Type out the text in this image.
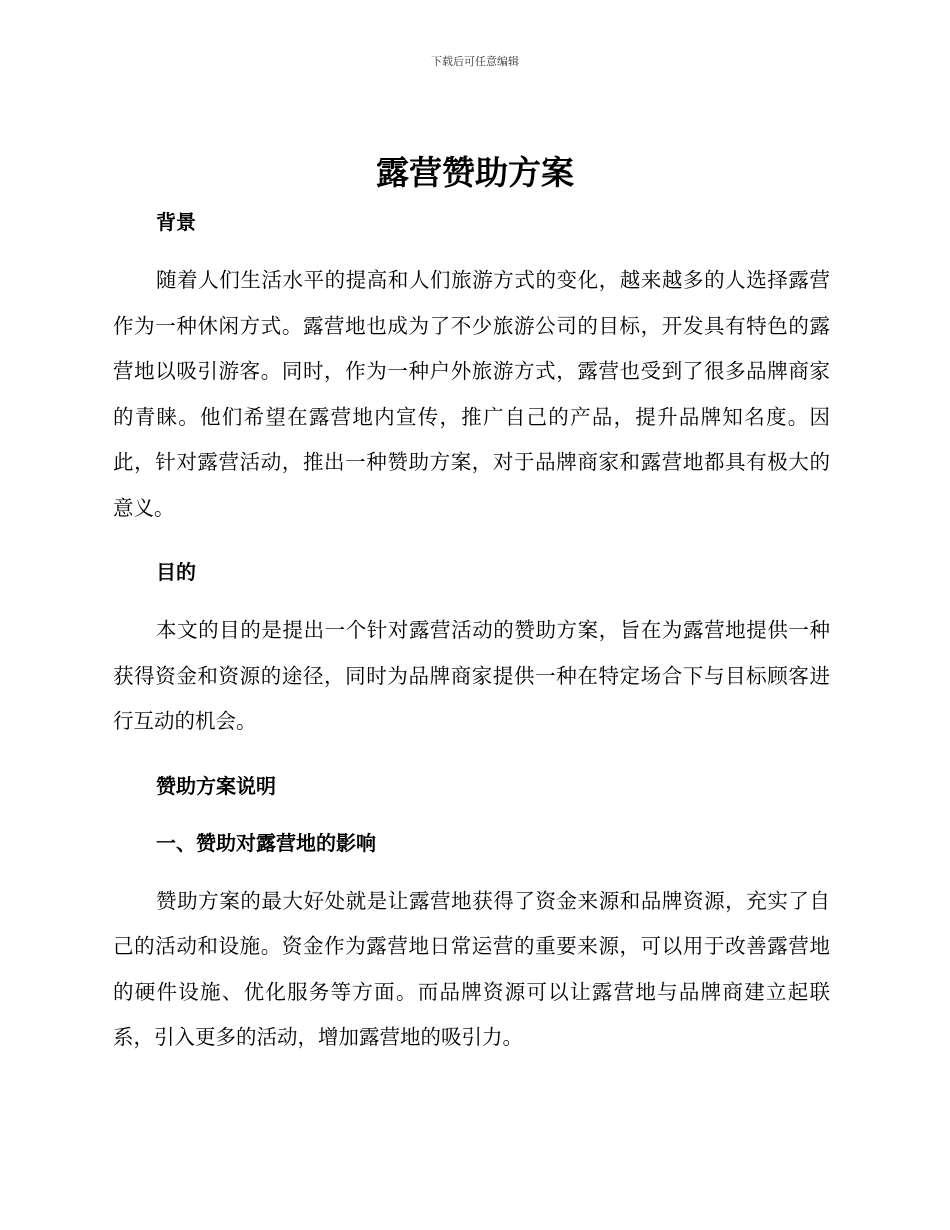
下载后可任意编辑
露营赞助方案
背景

随着人们生活水平的提高和人们旅游方式的变化，越来越多的人选择露营作为一种休闲方式。露营地也成为了不少旅游公司的目标，开发具有特色的露营地以吸引游客。同时，作为一种户外旅游方式，露营也受到了很多品牌商家的青睐。他们希望在露营地内宣传，推广自己的产品，提升品牌知名度。因此，针对露营活动，推出一种赞助方案，对于品牌商家和露营地都具有极大的意义。

目的

本文的目的是提出一个针对露营活动的赞助方案，旨在为露营地提供一种获得资金和资源的途径，同时为品牌商家提供一种在特定场合下与目标顾客进行互动的机会。

赞助方案说明
一、赞助对露营地的影响

赞助方案的最大好处就是让露营地获得了资金来源和品牌资源，充实了自己的活动和设施。资金作为露营地日常运营的重要来源，可以用于改善露营地的硬件设施、优化服务等方面。而品牌资源可以让露营地与品牌商建立起联系，引入更多的活动，增加露营地的吸引力。
